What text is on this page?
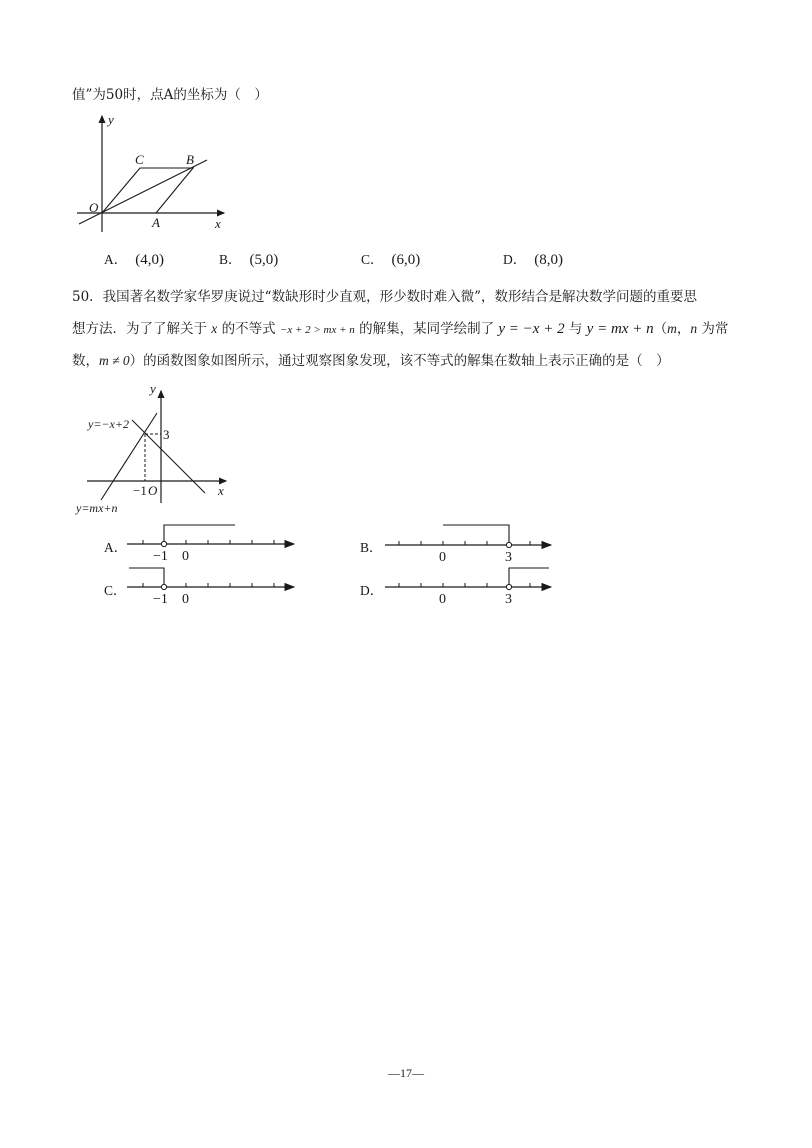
值”为50时，点A的坐标为（　）
y
x
O
A
B
C
A． (4,0)	B． (5,0)	C． (6,0)	D． (8,0)
50．我国著名数学家华罗庚说过“数缺形时少直观，形少数时难入微”，数形结合是解决数学问题的重要思
想方法．为了了解关于 x 的不等式 −x + 2 > mx + n 的解集，某同学绘制了 y = −x + 2 与 y = mx + n（m，n 为常
数，m ≠ 0）的函数图象如图所示，通过观察图象发现，该不等式的解集在数轴上表示正确的是（　）
y
x
O
−1
3
y=−x+2
y=mx+n
A．	B．
C．	D．
−1 0	0	3
−1 0	0	3
—17—
